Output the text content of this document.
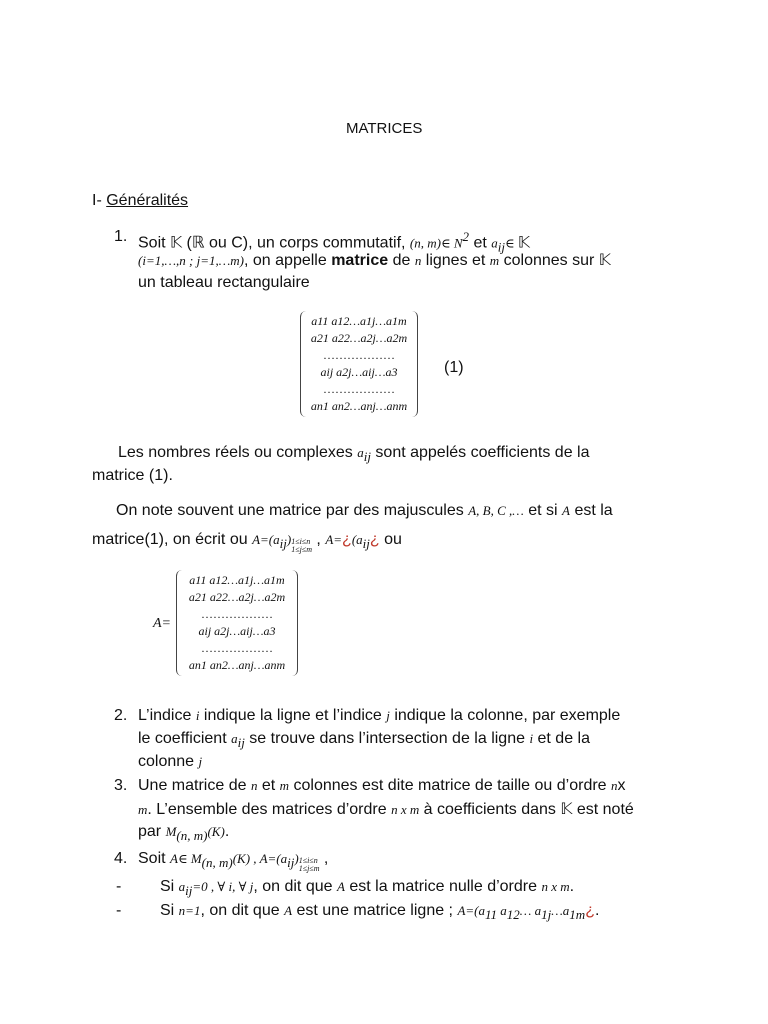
MATRICES
I- Généralités
1. Soit 𝕂 (ℝ ou C), un corps commutatif, (n, m)∈ $N^2$ et $a_{ij}\in$ 𝕂
(i=1,…,n ; j=1,…m), on appelle matrice de n lignes et m colonnes sur 𝕂
un tableau rectangulaire
a11 a12…a1j…a1m
a21 a22…a2j…a2m
………………
aij a2j…aij…a3
………………
an1 an2…anj…anm
(1)
Les nombres réels ou complexes $a_{ij}$ sont appelés coefficients de la
matrice (1).
On note souvent une matrice par des majuscules A, B, C ,… et si A est la
matrice(1), on écrit ou $A=(a_{ij})1\le i\le n$
1≤j≤m , $A=¿(a_{ij}¿$ ou
A=
a11 a12…a1j…a1m
a21 a22…a2j…a2m
………………
aij a2j…aij…a3
………………
an1 an2…anj…anm
2. L’indice i indique la ligne et l’indice j indique la colonne, par exemple
le coefficient $a_{ij}$ se trouve dans l’intersection de la ligne i et de la
colonne j
3. Une matrice de n et m colonnes est dite matrice de taille ou d’ordre nx
m. L’ensemble des matrices d’ordre n x m à coefficients dans 𝕂 est noté
par $M_{(n, m)}(K)$.
4. Soit A∈ $M_{(n, m)}(K)$ , $A=(a_{ij})1\le i\le n$
1≤j≤m ,
- Si $a_{ij}=0$ , ∀ i, ∀ j, on dit que A est la matrice nulle d’ordre n x m.
- Si n=1, on dit que A est une matrice ligne ; $A=(a_{11}$ $a_{12}\dots$ $a_{1j}\dots a_{1m}¿$.
